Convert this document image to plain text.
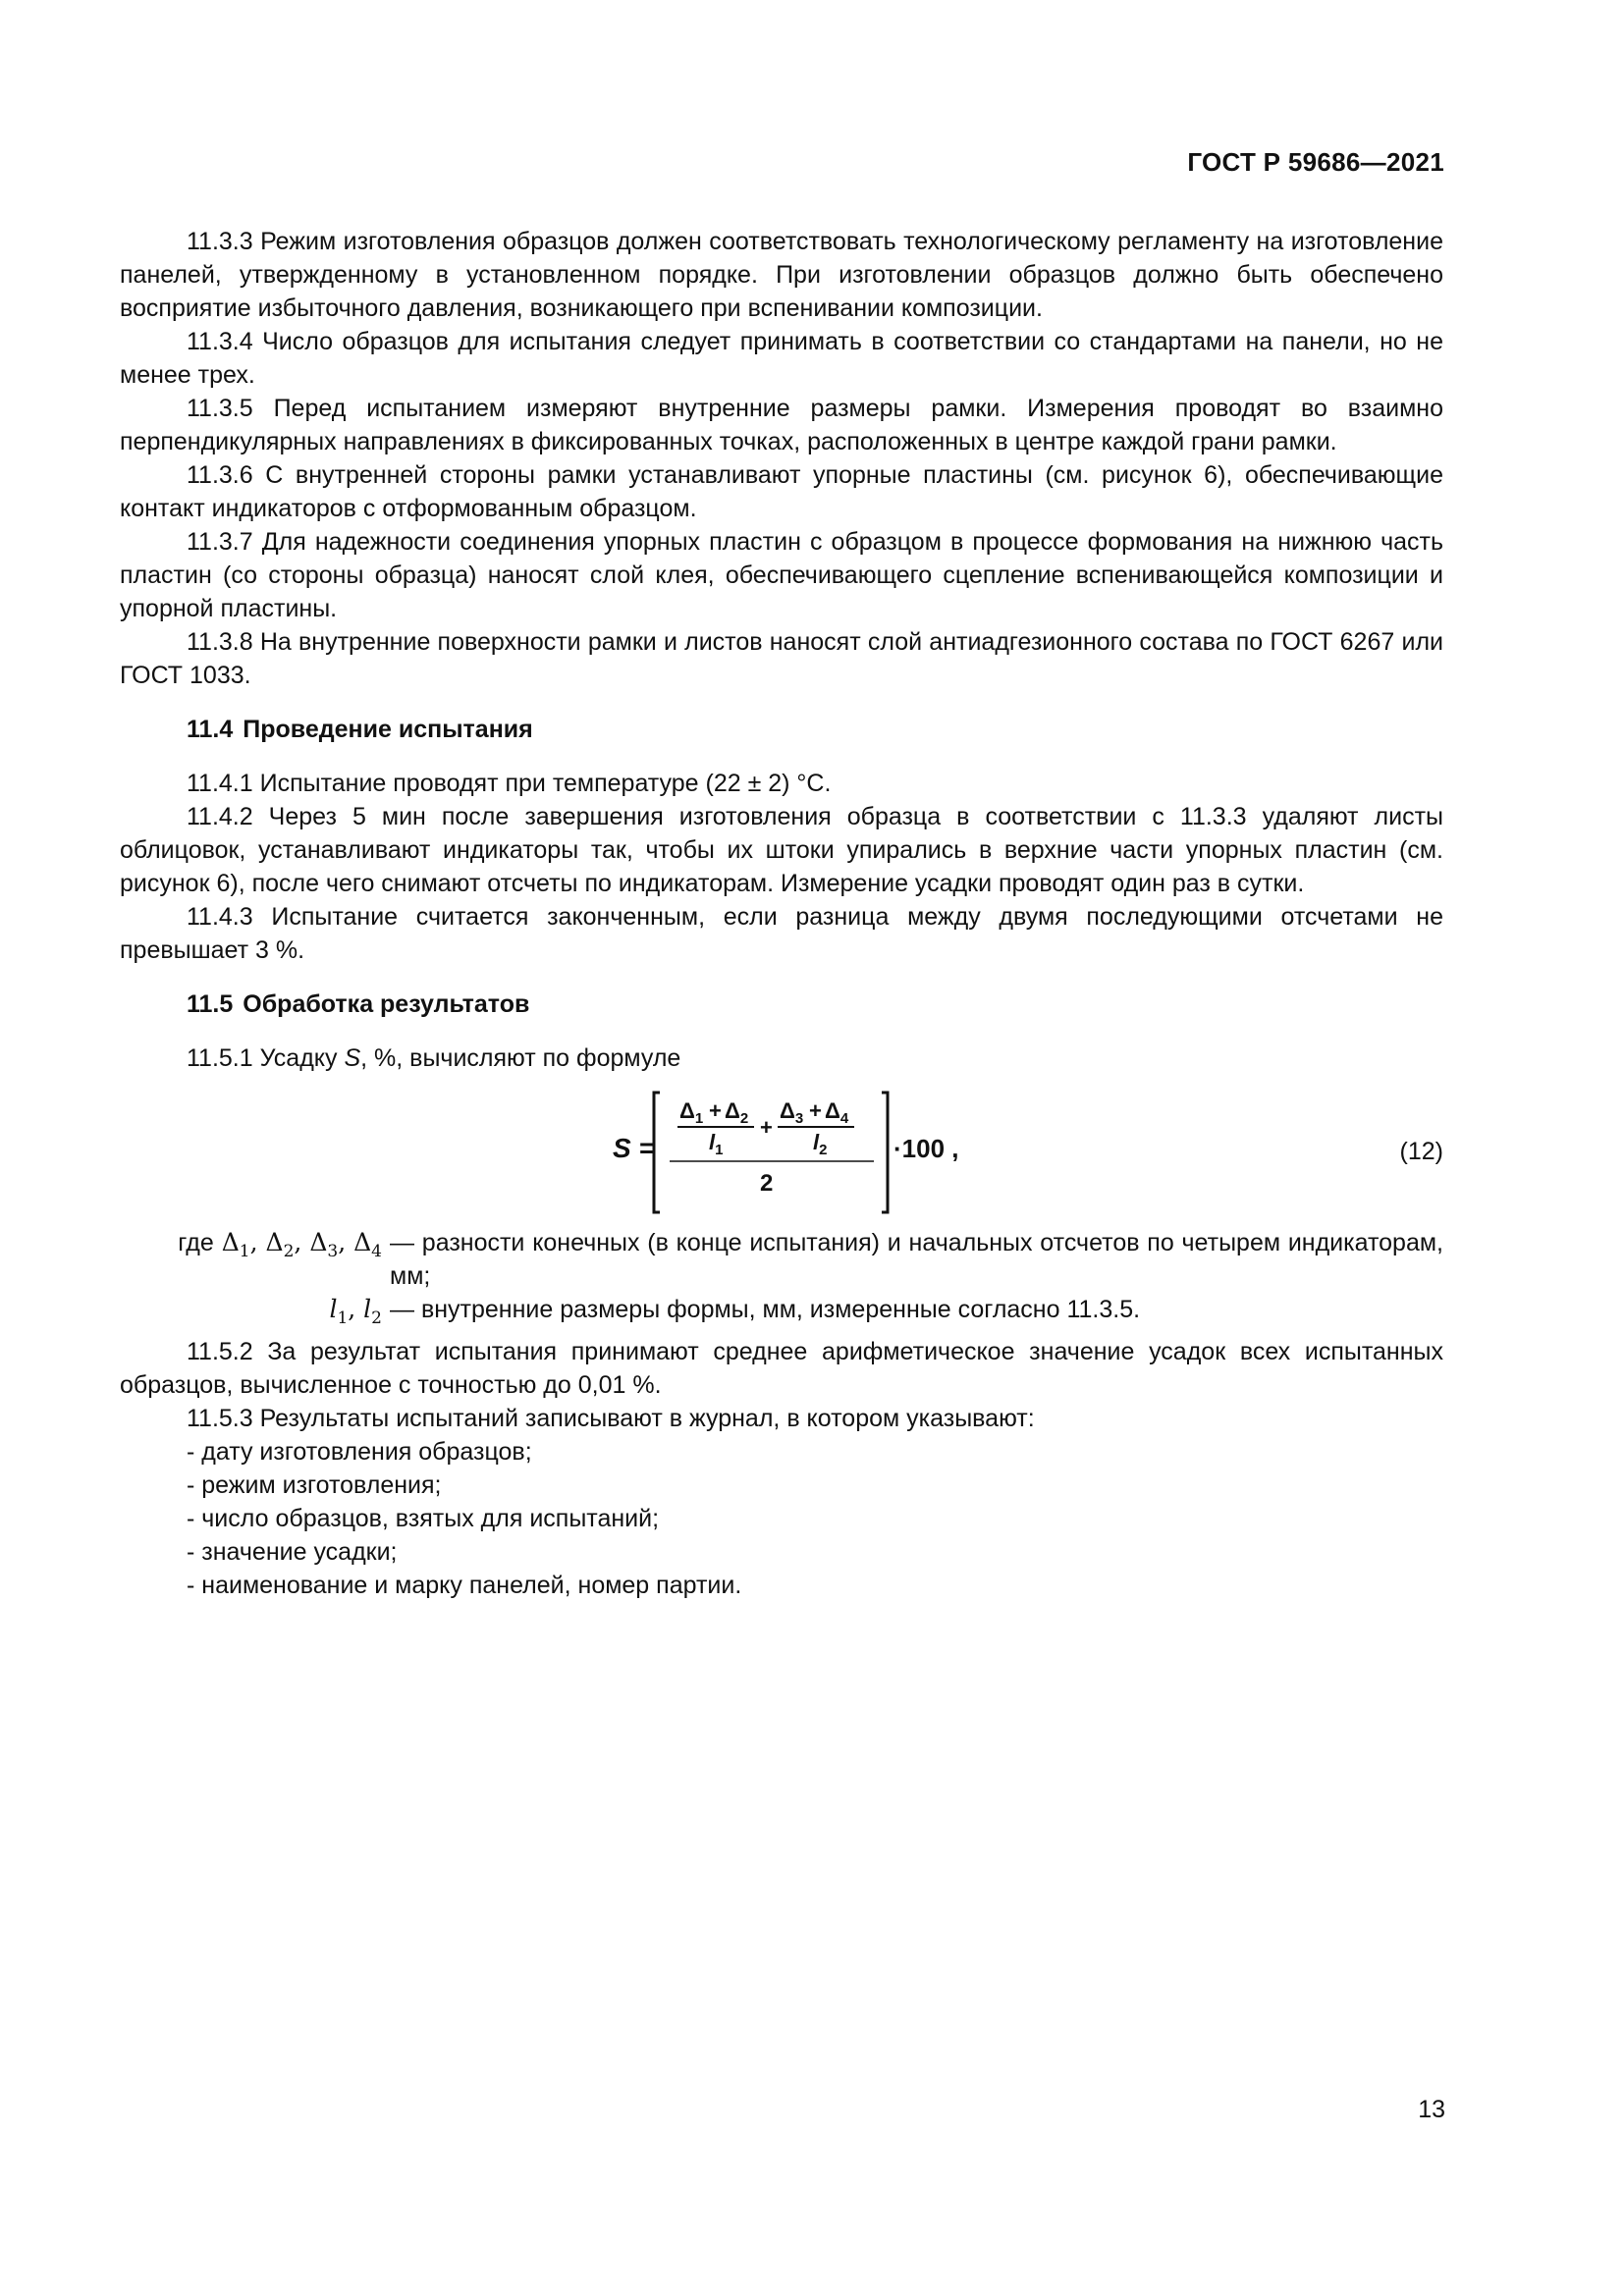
ГОСТ Р 59686—2021

11.3.3 Режим изготовления образцов должен соответствовать технологическому регламенту на изготовление панелей, утвержденному в установленном порядке. При изготовлении образцов должно быть обеспечено восприятие избыточного давления, возникающего при вспенивании композиции.

11.3.4 Число образцов для испытания следует принимать в соответствии со стандартами на панели, но не менее трех.

11.3.5 Перед испытанием измеряют внутренние размеры рамки. Измерения проводят во взаимно перпендикулярных направлениях в фиксированных точках, расположенных в центре каждой грани рамки.

11.3.6 С внутренней стороны рамки устанавливают упорные пластины (см. рисунок 6), обеспечивающие контакт индикаторов с отформованным образцом.

11.3.7 Для надежности соединения упорных пластин с образцом в процессе формования на нижнюю часть пластин (со стороны образца) наносят слой клея, обеспечивающего сцепление вспенивающейся композиции и упорной пластины.

11.3.8 На внутренние поверхности рамки и листов наносят слой антиадгезионного состава по ГОСТ 6267 или ГОСТ 1033.

11.4 Проведение испытания

11.4.1 Испытание проводят при температуре (22 ± 2) °С.

11.4.2 Через 5 мин после завершения изготовления образца в соответствии с 11.3.3 удаляют листы облицовок, устанавливают индикаторы так, чтобы их штоки упирались в верхние части упорных пластин (см. рисунок 6), после чего снимают отсчеты по индикаторам. Измерение усадки проводят один раз в сутки.

11.4.3 Испытание считается законченным, если разница между двумя последующими отсчетами не превышает 3 %.

11.5 Обработка результатов

11.5.1 Усадку S, %, вычисляют по формуле

S =
$\Delta_1 + \Delta_2$
$l_1$
+
$\Delta_3 + \Delta_4$
$l_2$
2
·100 ,	(12)
где $\Delta_1$, $\Delta_2$, $\Delta_3$, $\Delta_4$ — разности конечных (в конце испытания) и начальных отсчетов по четырем индикаторам, мм;
$l_1$, $l_2$ — внутренние размеры формы, мм, измеренные согласно 11.3.5.

11.5.2 За результат испытания принимают среднее арифметическое значение усадок всех испытанных образцов, вычисленное с точностью до 0,01 %.

11.5.3 Результаты испытаний записывают в журнал, в котором указывают:

- дату изготовления образцов;

- режим изготовления;

- число образцов, взятых для испытаний;

- значение усадки;

- наименование и марку панелей, номер партии.

13
